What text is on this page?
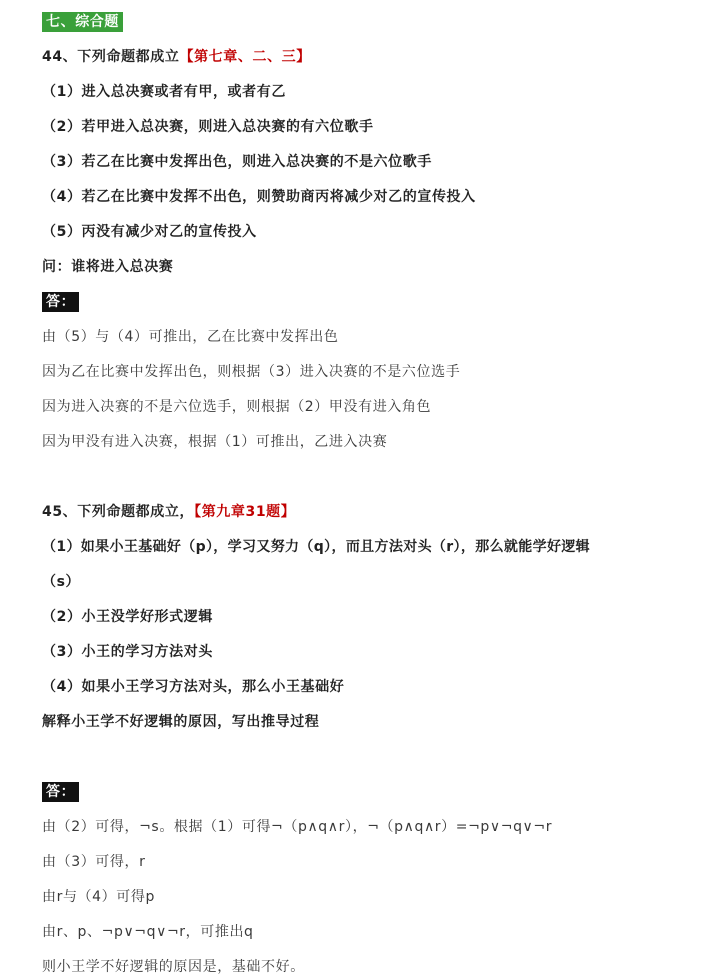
七、综合题
44、下列命题都成立【第七章、二、三】
（1）进入总决赛或者有甲，或者有乙
（2）若甲进入总决赛，则进入总决赛的有六位歌手
（3）若乙在比赛中发挥出色，则进入总决赛的不是六位歌手
（4）若乙在比赛中发挥不出色，则赞助商丙将减少对乙的宣传投入
（5）丙没有减少对乙的宣传投入
问：谁将进入总决赛
答：
由（5）与（4）可推出，乙在比赛中发挥出色
因为乙在比赛中发挥出色，则根据（3）进入决赛的不是六位选手
因为进入决赛的不是六位选手，则根据（2）甲没有进入角色
因为甲没有进入决赛，根据（1）可推出，乙进入决赛
45、下列命题都成立，【第九章31题】
（1）如果小王基础好（p），学习又努力（q），而且方法对头（r），那么就能学好逻辑
（s）
（2）小王没学好形式逻辑
（3）小王的学习方法对头
（4）如果小王学习方法对头，那么小王基础好
解释小王学不好逻辑的原因，写出推导过程
答：
由（2）可得，¬s。根据（1）可得¬（p∧q∧r），¬（p∧q∧r）=¬p∨¬q∨¬r
由（3）可得，r
由r与（4）可得p
由r、p、¬p∨¬q∨¬r，可推出q
则小王学不好逻辑的原因是，基础不好。
